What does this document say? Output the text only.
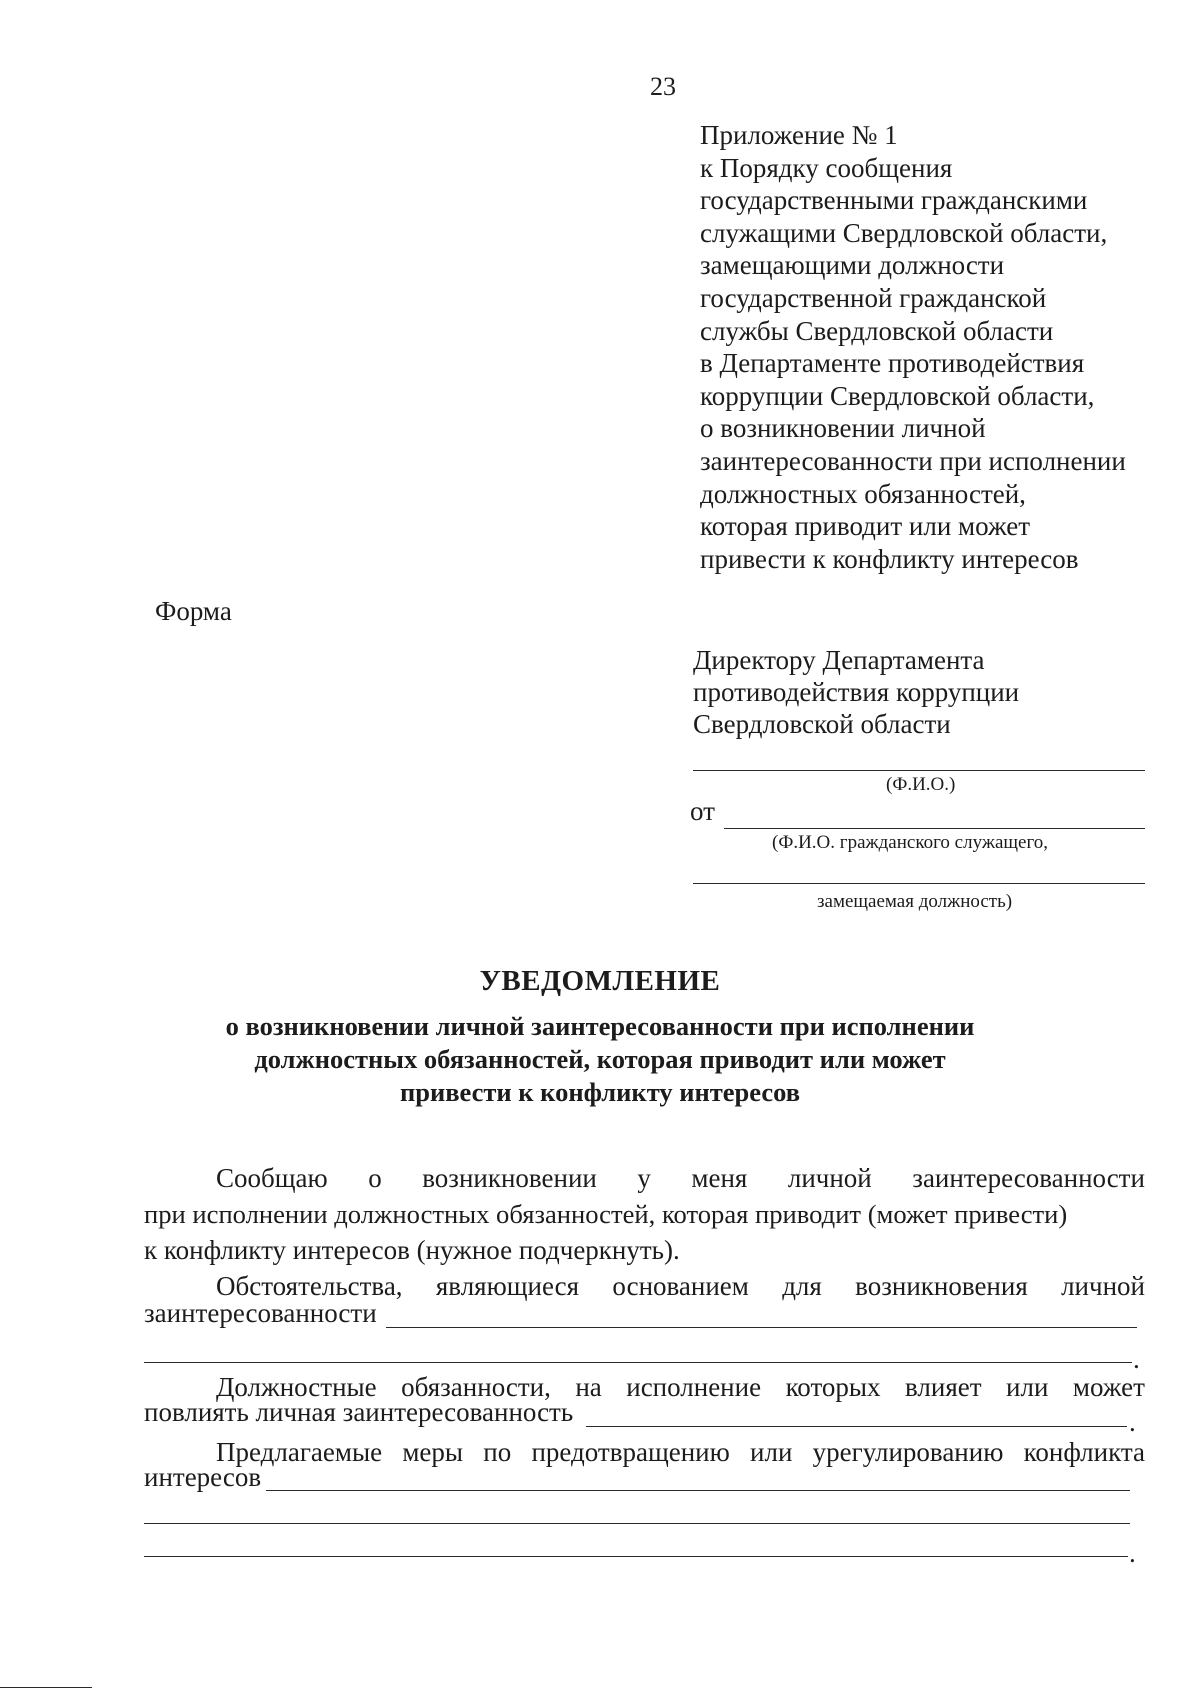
23
Приложение № 1
к Порядку сообщения
государственными гражданскими
служащими Свердловской области,
замещающими должности
государственной гражданской
службы Свердловской области
в Департаменте противодействия
коррупции Свердловской области,
о возникновении личной
заинтересованности при исполнении
должностных обязанностей,
которая приводит или может
привести к конфликту интересов
Форма
Директору Департамента
противодействия коррупции
Свердловской области
(Ф.И.О.)
от
(Ф.И.О. гражданского служащего,
замещаемая должность)
УВЕДОМЛЕНИЕ
о возникновении личной заинтересованности при исполнении
должностных обязанностей, которая приводит или может
привести к конфликту интересов
Сообщаю о возникновении у меня личной заинтересованности
при исполнении должностных обязанностей, которая приводит (может привести)
к конфликту интересов (нужное подчеркнуть).
Обстоятельства, являющиеся основанием для возникновения личной
заинтересованности
.
Должностные обязанности, на исполнение которых влияет или может
повлиять личная заинтересованность	.
Предлагаемые меры по предотвращению или урегулированию конфликта
интересов
.
